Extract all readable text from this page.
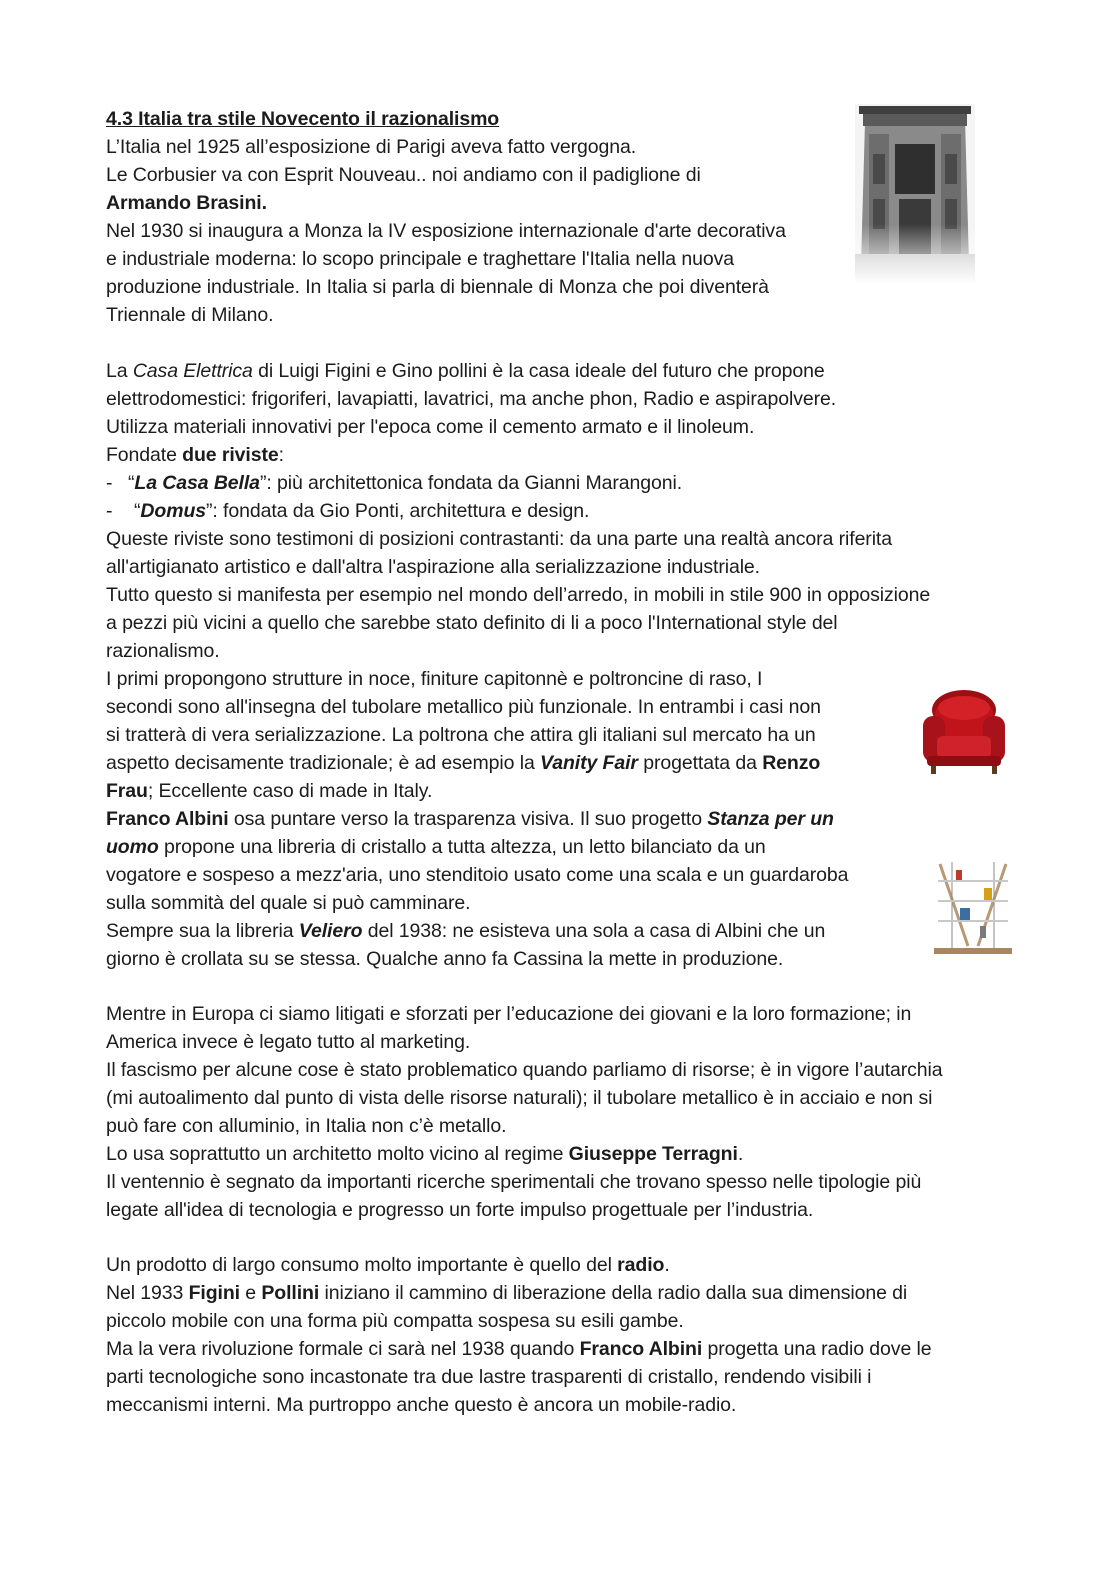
4.3 Italia tra stile Novecento il razionalismo
L’Italia nel 1925 all’esposizione di Parigi aveva fatto vergogna.
Le Corbusier va con Esprit Nouveau.. noi andiamo con il padiglione di
Armando Brasini.
Nel 1930 si inaugura a Monza la IV esposizione internazionale d'arte decorativa
e industriale moderna: lo scopo principale e traghettare l'Italia nella nuova
produzione industriale. In Italia si parla di biennale di Monza che poi diventerà
Triennale di Milano.
La Casa Elettrica di Luigi Figini e Gino pollini è la casa ideale del futuro che propone
elettrodomestici: frigoriferi, lavapiatti, lavatrici, ma anche phon, Radio e aspirapolvere.
Utilizza materiali innovativi per l'epoca come il cemento armato e il linoleum.
Fondate due riviste:
- “La Casa Bella”: più architettonica fondata da Gianni Marangoni.
- “Domus”: fondata da Gio Ponti, architettura e design.
Queste riviste sono testimoni di posizioni contrastanti: da una parte una realtà ancora riferita
all'artigianato artistico e dall'altra l'aspirazione alla serializzazione industriale.
Tutto questo si manifesta per esempio nel mondo dell’arredo, in mobili in stile 900 in opposizione
a pezzi più vicini a quello che sarebbe stato definito di li a poco l'International style del
razionalismo.
I primi propongono strutture in noce, finiture capitonnè e poltroncine di raso, I
secondi sono all'insegna del tubolare metallico più funzionale. In entrambi i casi non
si tratterà di vera serializzazione. La poltrona che attira gli italiani sul mercato ha un
aspetto decisamente tradizionale; è ad esempio la Vanity Fair progettata da Renzo
Frau; Eccellente caso di made in Italy.
Franco Albini osa puntare verso la trasparenza visiva. Il suo progetto Stanza per un
uomo propone una libreria di cristallo a tutta altezza, un letto bilanciato da un
vogatore e sospeso a mezz'aria, uno stenditoio usato come una scala e un guardaroba
sulla sommità del quale si può camminare.
Sempre sua la libreria Veliero del 1938: ne esisteva una sola a casa di Albini che un
giorno è crollata su se stessa. Qualche anno fa Cassina la mette in produzione.
Mentre in Europa ci siamo litigati e sforzati per l’educazione dei giovani e la loro formazione; in
America invece è legato tutto al marketing.
Il fascismo per alcune cose è stato problematico quando parliamo di risorse; è in vigore l’autarchia
(mi autoalimento dal punto di vista delle risorse naturali); il tubolare metallico è in acciaio e non si
può fare con alluminio, in Italia non c’è metallo.
Lo usa soprattutto un architetto molto vicino al regime Giuseppe Terragni.
Il ventennio è segnato da importanti ricerche sperimentali che trovano spesso nelle tipologie più
legate all'idea di tecnologia e progresso un forte impulso progettuale per l’industria.
Un prodotto di largo consumo molto importante è quello del radio.
Nel 1933 Figini e Pollini iniziano il cammino di liberazione della radio dalla sua dimensione di
piccolo mobile con una forma più compatta sospesa su esili gambe.
Ma la vera rivoluzione formale ci sarà nel 1938 quando Franco Albini progetta una radio dove le
parti tecnologiche sono incastonate tra due lastre trasparenti di cristallo, rendendo visibili i
meccanismi interni. Ma purtroppo anche questo è ancora un mobile-radio.
